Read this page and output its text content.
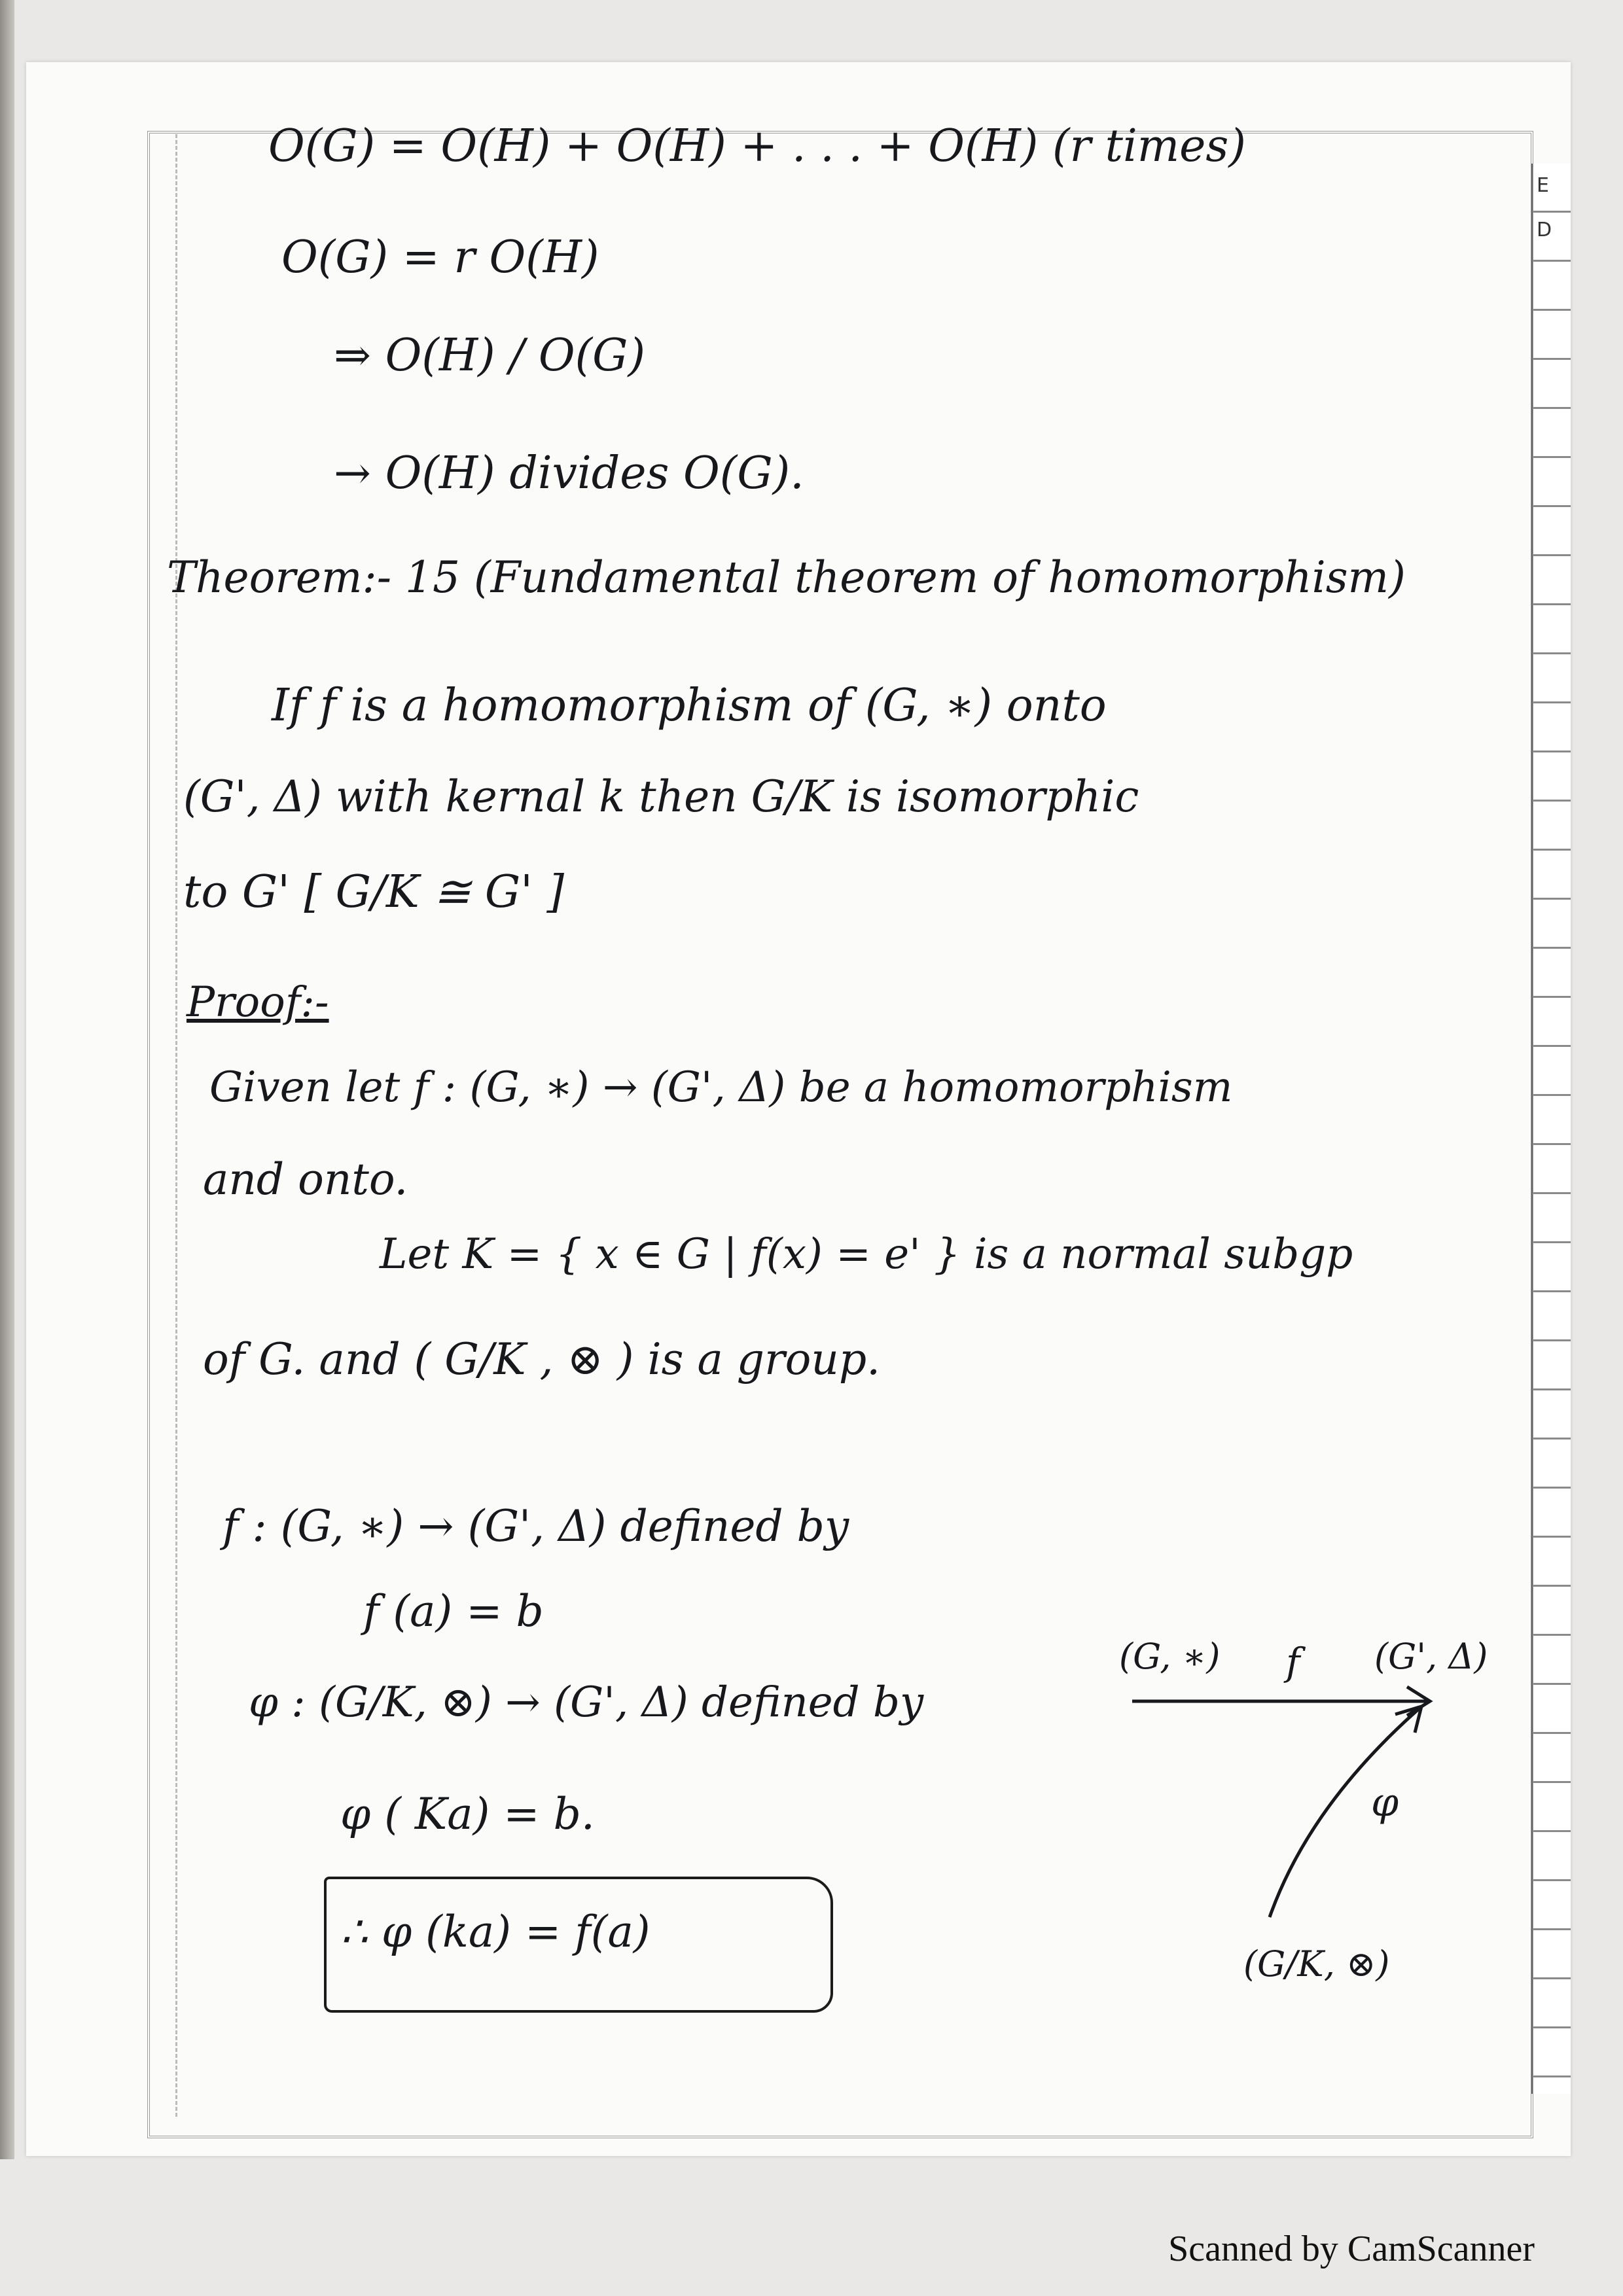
E
D
O(G) = O(H) + O(H) + . . . + O(H) (r times)
O(G) = r O(H)
⇒ O(H) / O(G)
→ O(H) divides O(G).
Theorem:- 15 (Fundamental theorem of homomorphism)
If f is a homomorphism of (G, ∗) onto
(G', Δ) with kernal k then G/K is isomorphic
to G' [ G/K ≅ G' ]
Proof:-
Given let f : (G, ∗) → (G', Δ) be a homomorphism
and onto.
Let K = { x ∈ G | f(x) = e' } is a normal subgp
of G. and ( G/K , ⊗ ) is a group.
f : (G, ∗) → (G', Δ) defined by
f (a) = b
φ : (G/K, ⊗) → (G', Δ) defined by
φ ( Ka) = b.
∴ φ (ka) = f(a)
(G, ∗)	(G', Δ)
f
φ
(G/K, ⊗)
Scanned by CamScanner
